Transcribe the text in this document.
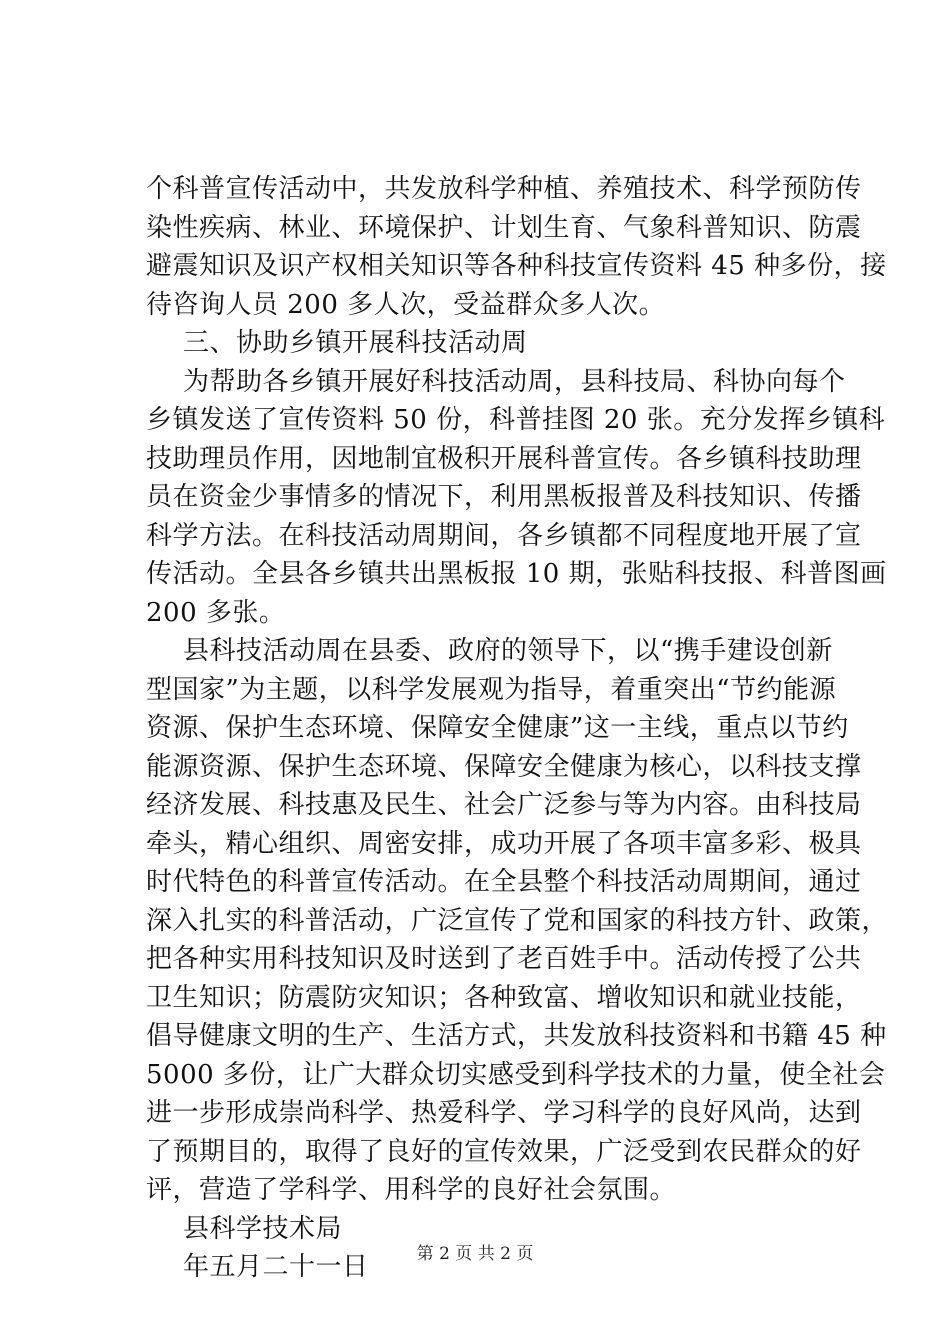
个科普宣传活动中，共发放科学种植、养殖技术、科学预防传
染性疾病、林业、环境保护、计划生育、气象科普知识、防震
避震知识及识产权相关知识等各种科技宣传资料 45 种多份，接
待咨询人员 200 多人次，受益群众多人次。
三、协助乡镇开展科技活动周
为帮助各乡镇开展好科技活动周，县科技局、科协向每个
乡镇发送了宣传资料 50 份，科普挂图 20 张。充分发挥乡镇科
技助理员作用，因地制宜极积开展科普宣传。各乡镇科技助理
员在资金少事情多的情况下，利用黑板报普及科技知识、传播
科学方法。在科技活动周期间，各乡镇都不同程度地开展了宣
传活动。全县各乡镇共出黑板报 10 期，张贴科技报、科普图画
200 多张。
县科技活动周在县委、政府的领导下，以“携手建设创新
型国家”为主题，以科学发展观为指导，着重突出“节约能源
资源、保护生态环境、保障安全健康”这一主线，重点以节约
能源资源、保护生态环境、保障安全健康为核心，以科技支撑
经济发展、科技惠及民生、社会广泛参与等为内容。由科技局
牵头，精心组织、周密安排，成功开展了各项丰富多彩、极具
时代特色的科普宣传活动。在全县整个科技活动周期间，通过
深入扎实的科普活动，广泛宣传了党和国家的科技方针、政策，
把各种实用科技知识及时送到了老百姓手中。活动传授了公共
卫生知识；防震防灾知识；各种致富、增收知识和就业技能，
倡导健康文明的生产、生活方式，共发放科技资料和书籍 45 种
5000 多份，让广大群众切实感受到科学技术的力量，使全社会
进一步形成崇尚科学、热爱科学、学习科学的良好风尚，达到
了预期目的，取得了良好的宣传效果，广泛受到农民群众的好
评，营造了学科学、用科学的良好社会氛围。
县科学技术局
年五月二十一日	第 2 页 共 2 页
